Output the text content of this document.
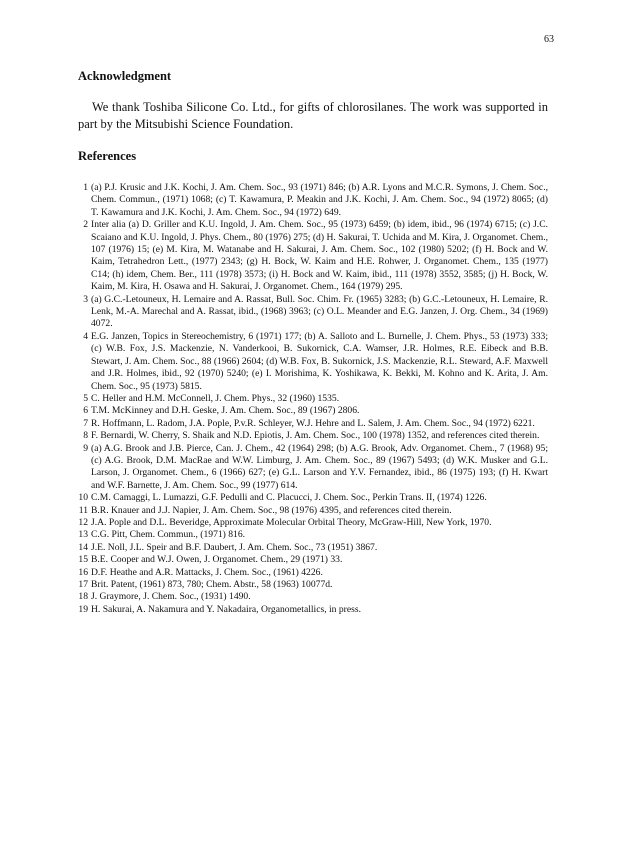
63
Acknowledgment

We thank Toshiba Silicone Co. Ltd., for gifts of chlorosilanes. The work was supported in part by the Mitsubishi Science Foundation.

References
1 (a) P.J. Krusic and J.K. Kochi, J. Am. Chem. Soc., 93 (1971) 846; (b) A.R. Lyons and M.C.R. Symons, J. Chem. Soc., Chem. Commun., (1971) 1068; (c) T. Kawamura, P. Meakin and J.K. Kochi, J. Am. Chem. Soc., 94 (1972) 8065; (d) T. Kawamura and J.K. Kochi, J. Am. Chem. Soc., 94 (1972) 649.
2 Inter alia (a) D. Griller and K.U. Ingold, J. Am. Chem. Soc., 95 (1973) 6459; (b) idem, ibid., 96 (1974) 6715; (c) J.C. Scaiano and K.U. Ingold, J. Phys. Chem., 80 (1976) 275; (d) H. Sakurai, T. Uchida and M. Kira, J. Organomet. Chem., 107 (1976) 15; (e) M. Kira, M. Watanabe and H. Sakurai, J. Am. Chem. Soc., 102 (1980) 5202; (f) H. Bock and W. Kaim, Tetrahedron Lett., (1977) 2343; (g) H. Bock, W. Kaim and H.E. Rohwer, J. Organomet. Chem., 135 (1977) C14; (h) idem, Chem. Ber., 111 (1978) 3573; (i) H. Bock and W. Kaim, ibid., 111 (1978) 3552, 3585; (j) H. Bock, W. Kaim, M. Kira, H. Osawa and H. Sakurai, J. Organomet. Chem., 164 (1979) 295.
3 (a) G.C.-Letouneux, H. Lemaire and A. Rassat, Bull. Soc. Chim. Fr. (1965) 3283; (b) G.C.-Letouneux, H. Lemaire, R. Lenk, M.-A. Marechal and A. Rassat, ibid., (1968) 3963; (c) O.L. Meander and E.G. Janzen, J. Org. Chem., 34 (1969) 4072.
4 E.G. Janzen, Topics in Stereochemistry, 6 (1971) 177; (b) A. Salloto and L. Burnelle, J. Chem. Phys., 53 (1973) 333; (c) W.B. Fox, J.S. Mackenzie, N. Vanderkooi, B. Sukornick, C.A. Wamser, J.R. Holmes, R.E. Eibeck and B.B. Stewart, J. Am. Chem. Soc., 88 (1966) 2604; (d) W.B. Fox, B. Sukornick, J.S. Mackenzie, R.L. Steward, A.F. Maxwell and J.R. Holmes, ibid., 92 (1970) 5240; (e) I. Morishima, K. Yoshikawa, K. Bekki, M. Kohno and K. Arita, J. Am. Chem. Soc., 95 (1973) 5815.
5 C. Heller and H.M. McConnell, J. Chem. Phys., 32 (1960) 1535.
6 T.M. McKinney and D.H. Geske, J. Am. Chem. Soc., 89 (1967) 2806.
7 R. Hoffmann, L. Radom, J.A. Pople, P.v.R. Schleyer, W.J. Hehre and L. Salem, J. Am. Chem. Soc., 94 (1972) 6221.
8 F. Bernardi, W. Cherry, S. Shaik and N.D. Epiotis, J. Am. Chem. Soc., 100 (1978) 1352, and references cited therein.
9 (a) A.G. Brook and J.B. Pierce, Can. J. Chem., 42 (1964) 298; (b) A.G. Brook, Adv. Organomet. Chem., 7 (1968) 95; (c) A.G. Brook, D.M. MacRae and W.W. Limburg, J. Am. Chem. Soc., 89 (1967) 5493; (d) W.K. Musker and G.L. Larson, J. Organomet. Chem., 6 (1966) 627; (e) G.L. Larson and Y.V. Fernandez, ibid., 86 (1975) 193; (f) H. Kwart and W.F. Barnette, J. Am. Chem. Soc., 99 (1977) 614.
10 C.M. Camaggi, L. Lumazzi, G.F. Pedulli and C. Placucci, J. Chem. Soc., Perkin Trans. II, (1974) 1226.
11 B.R. Knauer and J.J. Napier, J. Am. Chem. Soc., 98 (1976) 4395, and references cited therein.
12 J.A. Pople and D.L. Beveridge, Approximate Molecular Orbital Theory, McGraw-Hill, New York, 1970.
13 C.G. Pitt, Chem. Commun., (1971) 816.
14 J.E. Noll, J.L. Speir and B.F. Daubert, J. Am. Chem. Soc., 73 (1951) 3867.
15 B.E. Cooper and W.J. Owen, J. Organomet. Chem., 29 (1971) 33.
16 D.F. Heathe and A.R. Mattacks, J. Chem. Soc., (1961) 4226.
17 Brit. Patent, (1961) 873, 780; Chem. Abstr., 58 (1963) 10077d.
18 J. Graymore, J. Chem. Soc., (1931) 1490.
19 H. Sakurai, A. Nakamura and Y. Nakadaira, Organometallics, in press.
